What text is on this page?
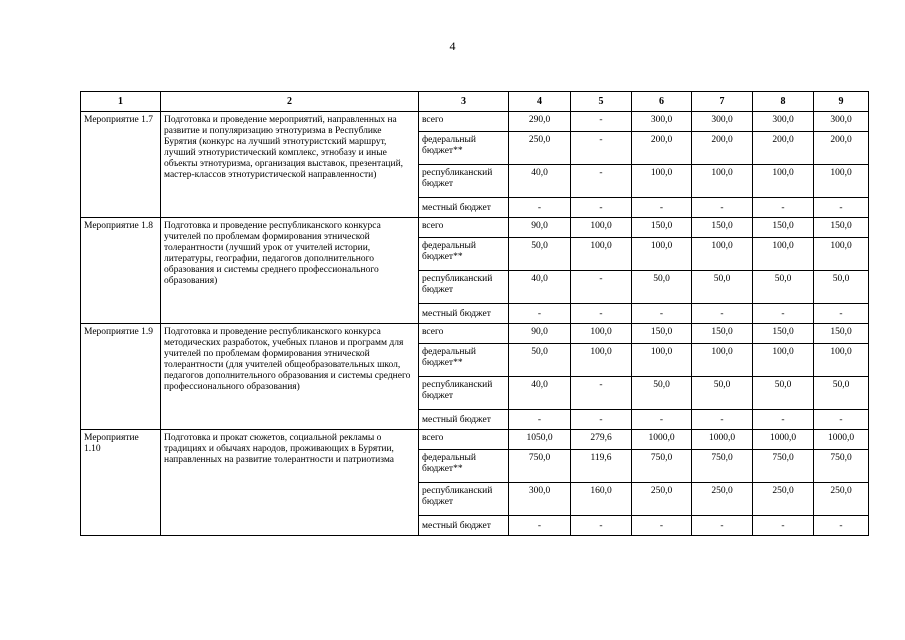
4
1	2	3	4	5	6	7	8	9
Мероприятие 1.7	Подготовка и проведение мероприятий, направленных на развитие и популяризацию этнотуризма в Республике Бурятия (конкурс на лучший этнотуристский маршрут, лучший этнотуристический комплекс, этнобазу и иные объекты этнотуризма, организация выставок, презентаций, мастер-классов этнотуристической направленности)	всего	290,0	-	300,0	300,0	300,0	300,0
		федеральный бюджет**	250,0	-	200,0	200,0	200,0	200,0
		республиканский бюджет	40,0	-	100,0	100,0	100,0	100,0
		местный бюджет	-	-	-	-	-	-
Мероприятие 1.8	Подготовка и проведение республиканского конкурса учителей по проблемам формирования этнической толерантности (лучший урок от учителей истории, литературы, географии, педагогов дополнительного образования и системы среднего профессионального образования)	всего	90,0	100,0	150,0	150,0	150,0	150,0
		федеральный бюджет**	50,0	100,0	100,0	100,0	100,0	100,0
		республиканский бюджет	40,0	-	50,0	50,0	50,0	50,0
		местный бюджет	-	-	-	-	-	-
Мероприятие 1.9	Подготовка и проведение республиканского конкурса методических разработок, учебных планов и программ для учителей по проблемам формирования этнической толерантности (для учителей общеобразовательных школ, педагогов дополнительного образования и системы среднего профессионального образования)	всего	90,0	100,0	150,0	150,0	150,0	150,0
		федеральный бюджет**	50,0	100,0	100,0	100,0	100,0	100,0
		республиканский бюджет	40,0	-	50,0	50,0	50,0	50,0
		местный бюджет	-	-	-	-	-	-
Мероприятие 1.10	Подготовка и прокат сюжетов, социальной рекламы о традициях и обычаях народов, проживающих в Бурятии, направленных на развитие толерантности и патриотизма	всего	1050,0	279,6	1000,0	1000,0	1000,0	1000,0
		федеральный бюджет**	750,0	119,6	750,0	750,0	750,0	750,0
		республиканский бюджет	300,0	160,0	250,0	250,0	250,0	250,0
		местный бюджет	-	-	-	-	-	-
